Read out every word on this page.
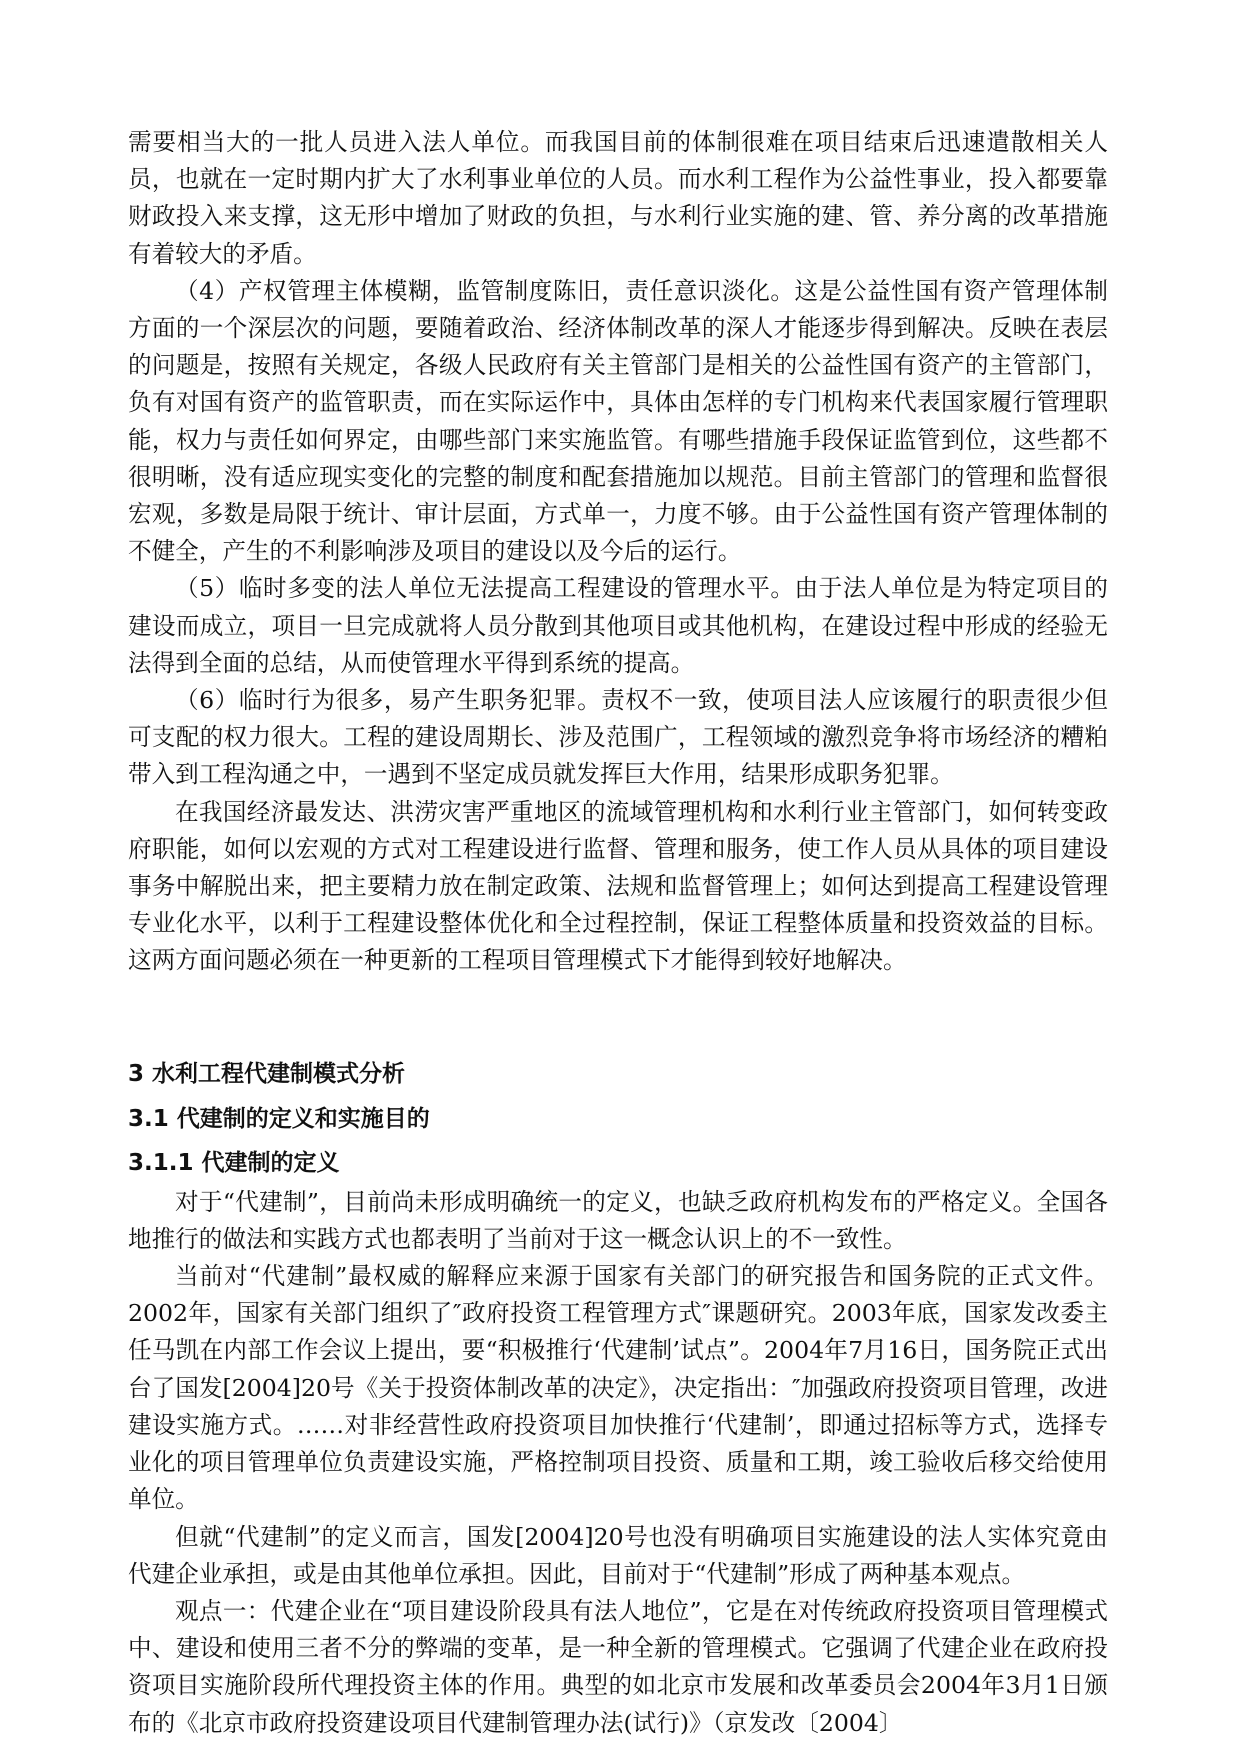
需要相当大的一批人员进入法人单位。而我国目前的体制很难在项目结束后迅速遣散相关人员，也就在一定时期内扩大了水利事业单位的人员。而水利工程作为公益性事业，投入都要靠财政投入来支撑，这无形中增加了财政的负担，与水利行业实施的建、管、养分离的改革措施有着较大的矛盾。

（4）产权管理主体模糊，监管制度陈旧，责任意识淡化。这是公益性国有资产管理体制方面的一个深层次的问题，要随着政治、经济体制改革的深人才能逐步得到解决。反映在表层的问题是，按照有关规定，各级人民政府有关主管部门是相关的公益性国有资产的主管部门，负有对国有资产的监管职责，而在实际运作中，具体由怎样的专门机构来代表国家履行管理职能，权力与责任如何界定，由哪些部门来实施监管。有哪些措施手段保证监管到位，这些都不很明晰，没有适应现实变化的完整的制度和配套措施加以规范。目前主管部门的管理和监督很宏观，多数是局限于统计、审计层面，方式单一，力度不够。由于公益性国有资产管理体制的不健全，产生的不利影响涉及项目的建设以及今后的运行。

（5）临时多变的法人单位无法提高工程建设的管理水平。由于法人单位是为特定项目的建设而成立，项目一旦完成就将人员分散到其他项目或其他机构，在建设过程中形成的经验无法得到全面的总结，从而使管理水平得到系统的提高。

（6）临时行为很多，易产生职务犯罪。责权不一致，使项目法人应该履行的职责很少但可支配的权力很大。工程的建设周期长、涉及范围广，工程领域的激烈竞争将市场经济的糟粕带入到工程沟通之中，一遇到不坚定成员就发挥巨大作用，结果形成职务犯罪。

在我国经济最发达、洪涝灾害严重地区的流域管理机构和水利行业主管部门，如何转变政府职能，如何以宏观的方式对工程建设进行监督、管理和服务，使工作人员从具体的项目建设事务中解脱出来，把主要精力放在制定政策、法规和监督管理上；如何达到提高工程建设管理专业化水平，以利于工程建设整体优化和全过程控制，保证工程整体质量和投资效益的目标。这两方面问题必须在一种更新的工程项目管理模式下才能得到较好地解决。

3 水利工程代建制模式分析
3.1 代建制的定义和实施目的
3.1.1 代建制的定义

对于“代建制”，目前尚未形成明确统一的定义，也缺乏政府机构发布的严格定义。全国各地推行的做法和实践方式也都表明了当前对于这一概念认识上的不一致性。

当前对“代建制”最权威的解释应来源于国家有关部门的研究报告和国务院的正式文件。2002年，国家有关部门组织了″政府投资工程管理方式″课题研究。2003年底，国家发改委主任马凯在内部工作会议上提出，要“积极推行‘代建制’试点”。2004年7月16日，国务院正式出台了国发[2004]20号《关于投资体制改革的决定》，决定指出：″加强政府投资项目管理，改进建设实施方式。……对非经营性政府投资项目加快推行‘代建制’，即通过招标等方式，选择专业化的项目管理单位负责建设实施，严格控制项目投资、质量和工期，竣工验收后移交给使用单位。

但就“代建制”的定义而言，国发[2004]20号也没有明确项目实施建设的法人实体究竟由代建企业承担，或是由其他单位承担。因此，目前对于“代建制”形成了两种基本观点。

观点一：代建企业在“项目建设阶段具有法人地位”，它是在对传统政府投资项目管理模式中、建设和使用三者不分的弊端的变革，是一种全新的管理模式。它强调了代建企业在政府投资项目实施阶段所代理投资主体的作用。典型的如北京市发展和改革委员会2004年3月1日颁布的《北京市政府投资建设项目代建制管理办法(试行)》（京发改〔2004〕
